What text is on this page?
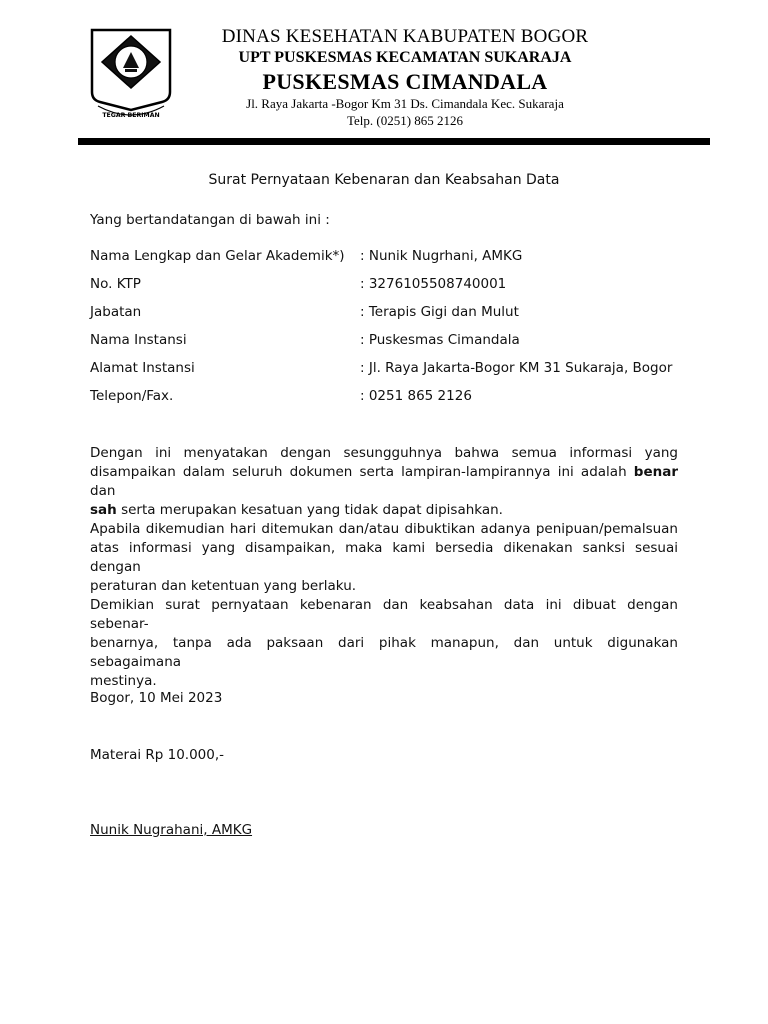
TEGAR BERIMAN
DINAS KESEHATAN KABUPATEN BOGOR
UPT PUSKESMAS KECAMATAN SUKARAJA
PUSKESMAS CIMANDALA
Jl. Raya Jakarta -Bogor Km 31 Ds. Cimandala Kec. Sukaraja
Telp. (0251) 865 2126
Surat Pernyataan Kebenaran dan Keabsahan Data
Yang bertandatangan di bawah ini :
Nama Lengkap dan Gelar Akademik*) : Nunik Nugrhani, AMKG
No. KTP	: 3276105508740001
Jabatan	: Terapis Gigi dan Mulut
Nama Instansi	: Puskesmas Cimandala
Alamat Instansi	: Jl. Raya Jakarta-Bogor KM 31 Sukaraja, Bogor
Telepon/Fax.	: 0251 865 2126
Dengan ini menyatakan dengan sesungguhnya bahwa semua informasi yang
disampaikan dalam seluruh dokumen serta lampiran-lampirannya ini adalah benar dan
sah serta merupakan kesatuan yang tidak dapat dipisahkan.
Apabila dikemudian hari ditemukan dan/atau dibuktikan adanya penipuan/pemalsuan
atas informasi yang disampaikan, maka kami bersedia dikenakan sanksi sesuai dengan
peraturan dan ketentuan yang berlaku.
Demikian surat pernyataan kebenaran dan keabsahan data ini dibuat dengan sebenar-
benarnya, tanpa ada paksaan dari pihak manapun, dan untuk digunakan sebagaimana
mestinya.
Bogor, 10 Mei 2023
Materai Rp 10.000,-
Nunik Nugrahani, AMKG
